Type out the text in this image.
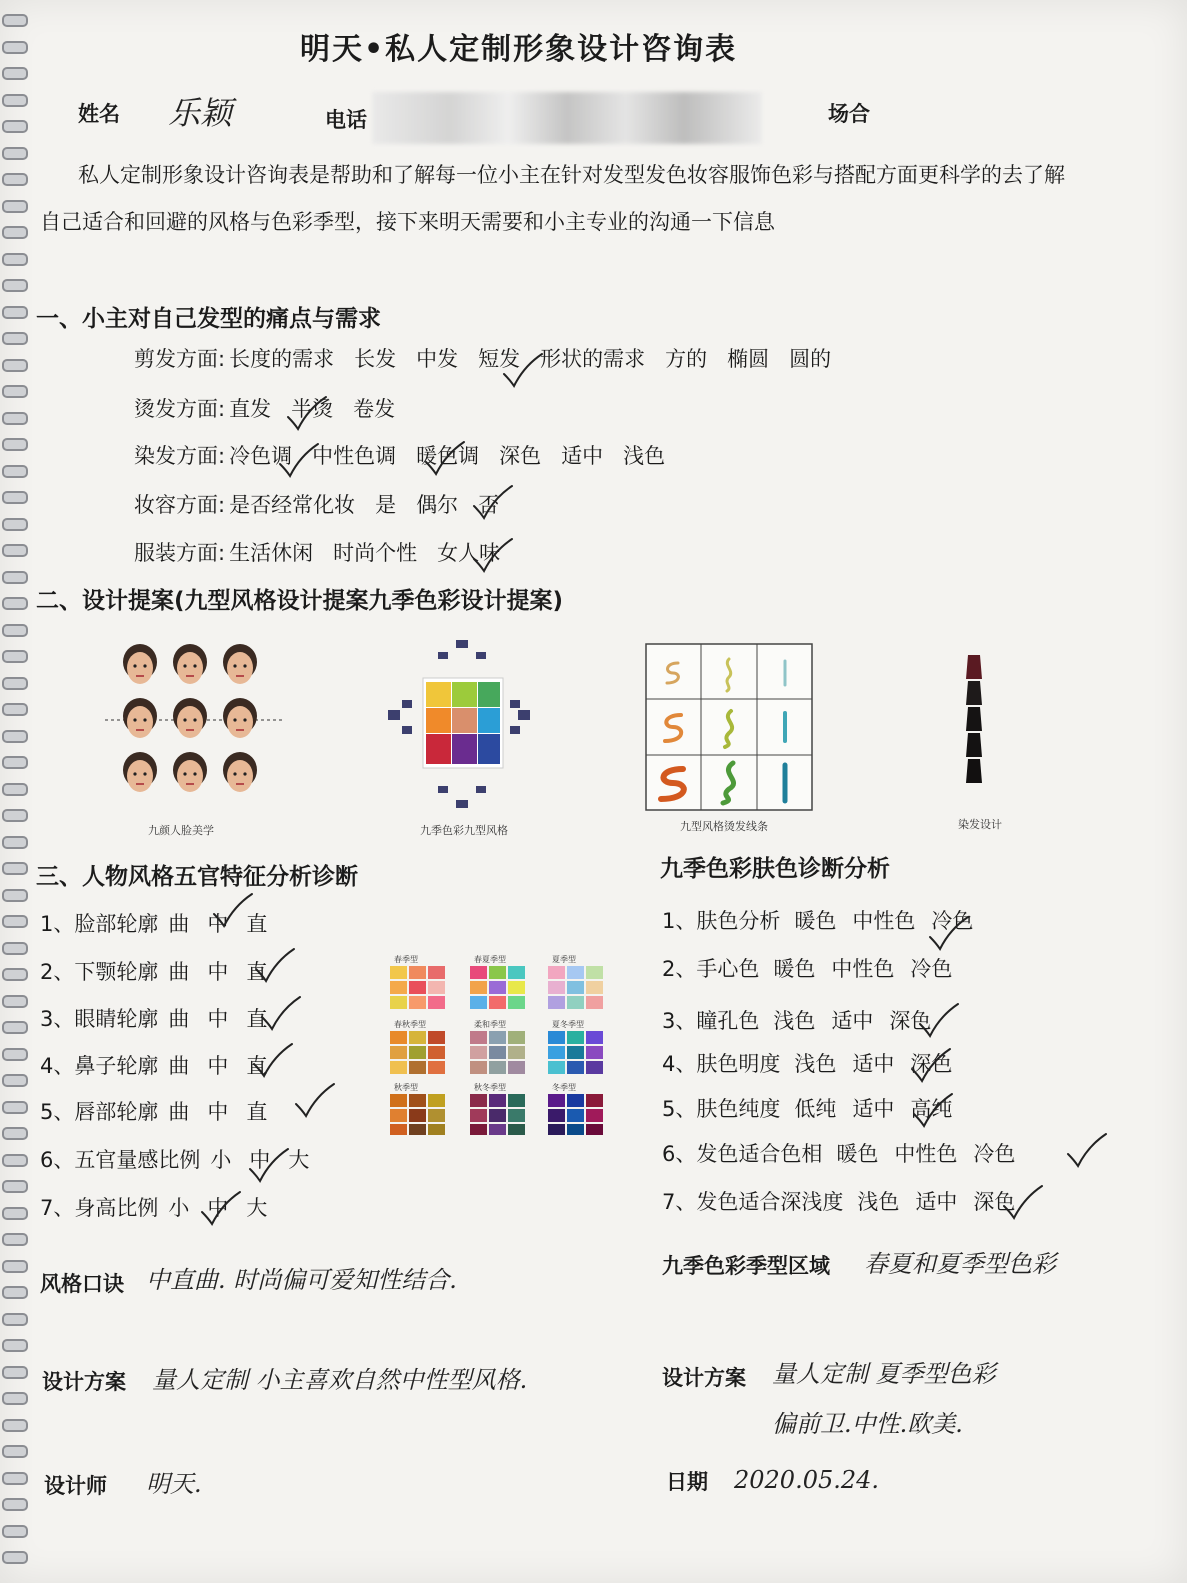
明天•私人定制形象设计咨询表
姓名 乐颖	电话	场合
私人定制形象设计咨询表是帮助和了解每一位小主在针对发型发色妆容服饰色彩与搭配方面更科学的去了解自己适合和回避的风格与色彩季型，接下来明天需要和小主专业的沟通一下信息
一、小主对自己发型的痛点与需求
剪发方面: 长度的需求 长发 中发 短发 形状的需求 方的 椭圆 圆的
烫发方面: 直发 半烫 卷发
染发方面: 冷色调 中性色调 暖色调 深色 适中 浅色
妆容方面: 是否经常化妆 是 偶尔 否
服装方面: 生活休闲 时尚个性 女人味
二、设计提案(九型风格设计提案九季色彩设计提案)
九颜人脸美学	九季色彩九型风格	九型风格烫发线条	染发设计
三、人物风格五官特征分析诊断
1、脸部轮廓 曲 中 直
2、下颚轮廓 曲 中 直
3、眼睛轮廓 曲 中 直
4、鼻子轮廓 曲 中 直
5、唇部轮廓 曲 中 直
6、五官量感比例 小 中 大
7、身高比例 小 中 大
春季型	春夏季型	夏季型
春秋季型	柔和季型	夏冬季型
秋季型	秋冬季型	冬季型
九季色彩肤色诊断分析
1、肤色分析 暖色 中性色 冷色
2、手心色 暖色 中性色 冷色
3、瞳孔色 浅色 适中 深色
4、肤色明度 浅色 适中 深色
5、肤色纯度 低纯 适中 高纯
6、发色适合色相 暖色 中性色 冷色
7、发色适合深浅度 浅色 适中 深色
九季色彩季型区域 春夏和夏季型色彩
风格口诀 中直曲. 时尚偏可爱知性结合.
设计方案 量人定制 小主喜欢自然中性型风格.	设计方案 量人定制 夏季型色彩
偏前卫.中性.欧美.
设计师 明天.	日期 2020.05.24.
